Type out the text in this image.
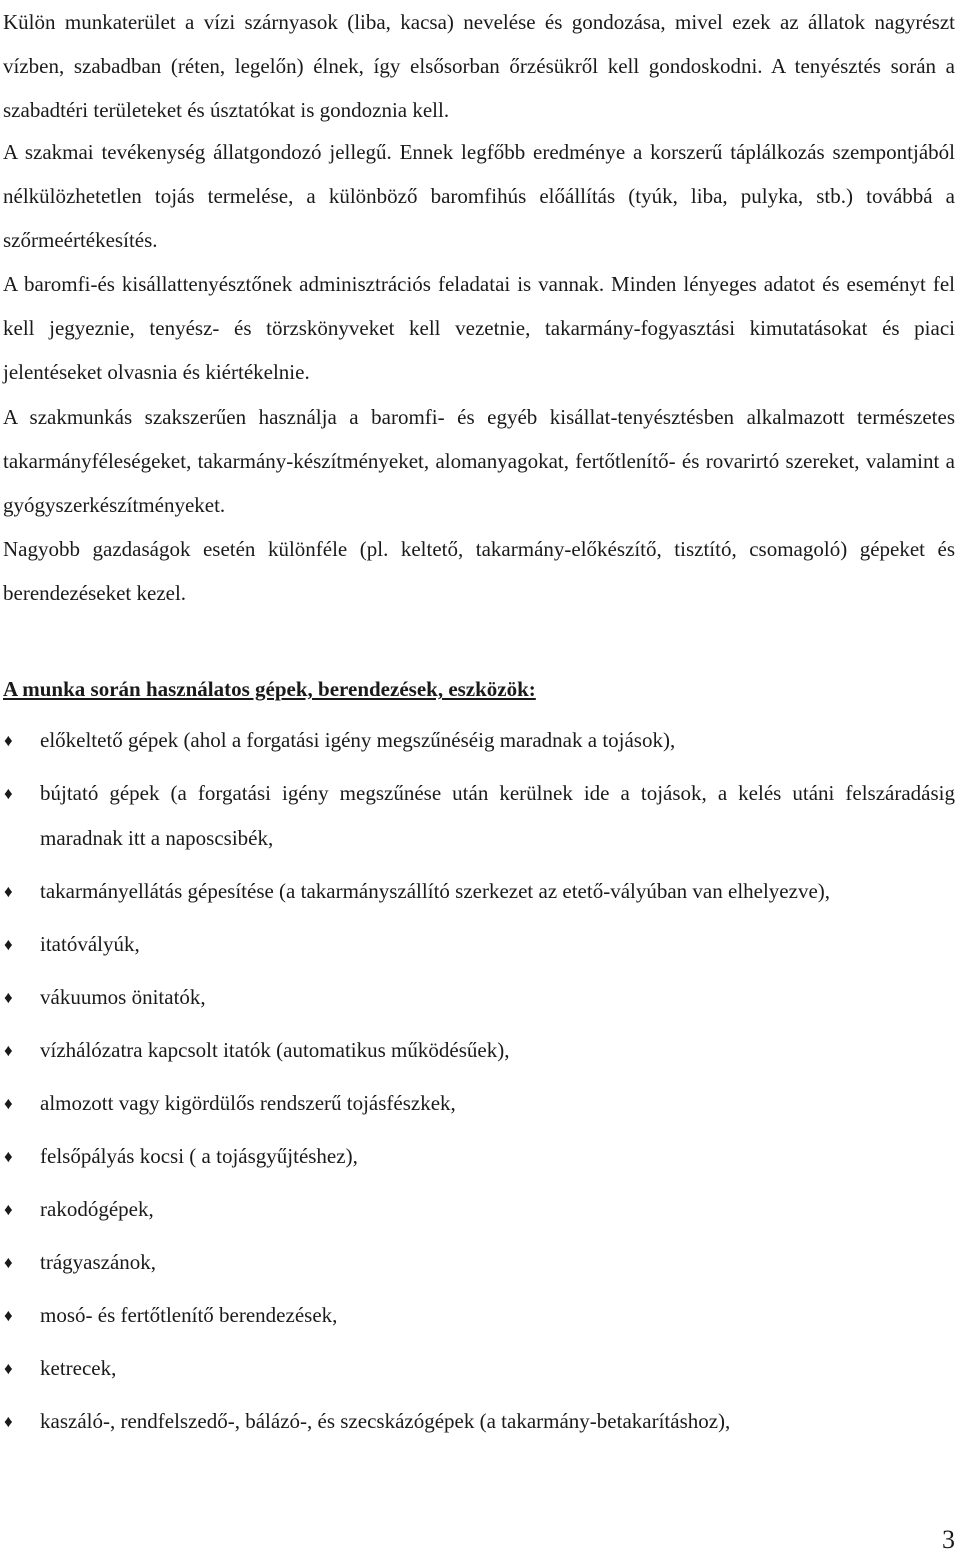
Külön munkaterület a vízi szárnyasok (liba, kacsa) nevelése és gondozása, mivel ezek az állatok nagyrészt vízben, szabadban (réten, legelőn) élnek, így elsősorban őrzésükről kell gondoskodni. A tenyésztés során a szabadtéri területeket és úsztatókat is gondoznia kell.

A szakmai tevékenység állatgondozó jellegű. Ennek legfőbb eredménye a korszerű táplálkozás szempontjából nélkülözhetetlen tojás termelése, a különböző baromfihús előállítás (tyúk, liba, pulyka, stb.) továbbá a szőrmeértékesítés.

A baromfi-és kisállattenyésztőnek adminisztrációs feladatai is vannak. Minden lényeges adatot és eseményt fel kell jegyeznie, tenyész- és törzskönyveket kell vezetnie, takarmány-fogyasztási kimutatásokat és piaci jelentéseket olvasnia és kiértékelnie.

A szakmunkás szakszerűen használja a baromfi- és egyéb kisállat-tenyésztésben alkalmazott természetes takarmányféleségeket, takarmány-készítményeket, alomanyagokat, fertőtlenítő- és rovarirtó szereket, valamint a gyógyszerkészítményeket.

Nagyobb gazdaságok esetén különféle (pl. keltető, takarmány-előkészítő, tisztító, csomagoló) gépeket és berendezéseket kezel.

A munka során használatos gépek, berendezések, eszközök:

♦ előkeltető gépek (ahol a forgatási igény megszűnéséig maradnak a tojások),
♦ bújtató gépek (a forgatási igény megszűnése után kerülnek ide a tojások, a kelés utáni felszáradásig maradnak itt a naposcsibék,
♦ takarmányellátás gépesítése (a takarmányszállító szerkezet az etető-vályúban van elhelyezve),
♦ itatóvályúk,
♦ vákuumos önitatók,
♦ vízhálózatra kapcsolt itatók (automatikus működésűek),
♦ almozott vagy kigördülős rendszerű tojásfészkek,
♦ felsőpályás kocsi ( a tojásgyűjtéshez),
♦ rakodógépek,
♦ trágyaszánok,
♦ mosó- és fertőtlenítő berendezések,
♦ ketrecek,
♦ kaszáló-, rendfelszedő-, bálázó-, és szecskázógépek (a takarmány-betakarításhoz),
3
